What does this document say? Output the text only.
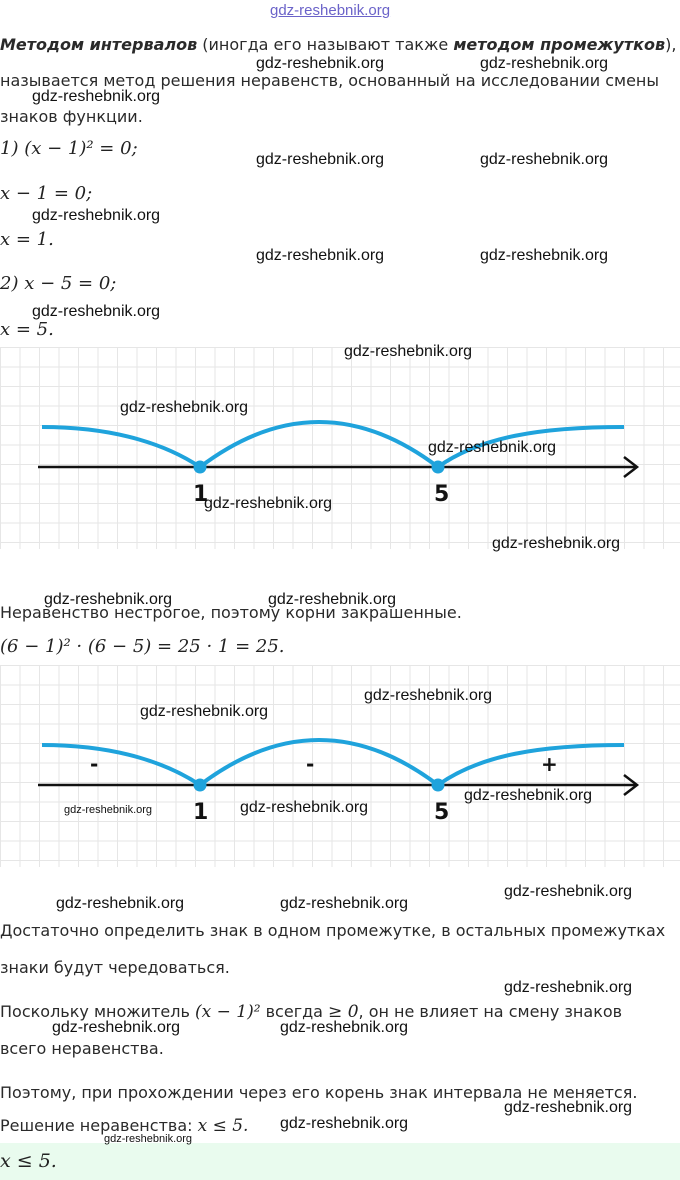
gdz-reshebnik.org
Методом интервалов (иногда его называют также методом промежутков),
называется метод решения неравенств, основанный на исследовании смены
знаков функции.
1) (x − 1)² = 0;
x − 1 = 0;
x = 1.
2) x − 5 = 0;
x = 5.
1	5
Неравенство нестрогое, поэтому корни закрашенные.
(6 − 1)² · (6 − 5) = 25 · 1 = 25.
1	5
-	-	+
Достаточно определить знак в одном промежутке, в остальных промежутках
знаки будут чередоваться.
Поскольку множитель (x − 1)² всегда ≥ 0, он не влияет на смену знаков
всего неравенства.
Поэтому, при прохождении через его корень знак интервала не меняется.
Решение неравенства: x ≤ 5.
x ≤ 5.
gdz-reshebnik.org	gdz-reshebnik.org
gdz-reshebnik.org
gdz-reshebnik.org	gdz-reshebnik.org
gdz-reshebnik.org
gdz-reshebnik.org	gdz-reshebnik.org
gdz-reshebnik.org
gdz-reshebnik.org
gdz-reshebnik.org
gdz-reshebnik.org
gdz-reshebnik.org
gdz-reshebnik.org
gdz-reshebnik.org	gdz-reshebnik.org
gdz-reshebnik.org
gdz-reshebnik.org
gdz-reshebnik.org
gdz-reshebnik.org	gdz-reshebnik.org
gdz-reshebnik.org
gdz-reshebnik.org	gdz-reshebnik.org
gdz-reshebnik.org
gdz-reshebnik.org	gdz-reshebnik.org
gdz-reshebnik.org
gdz-reshebnik.org
gdz-reshebnik.org
